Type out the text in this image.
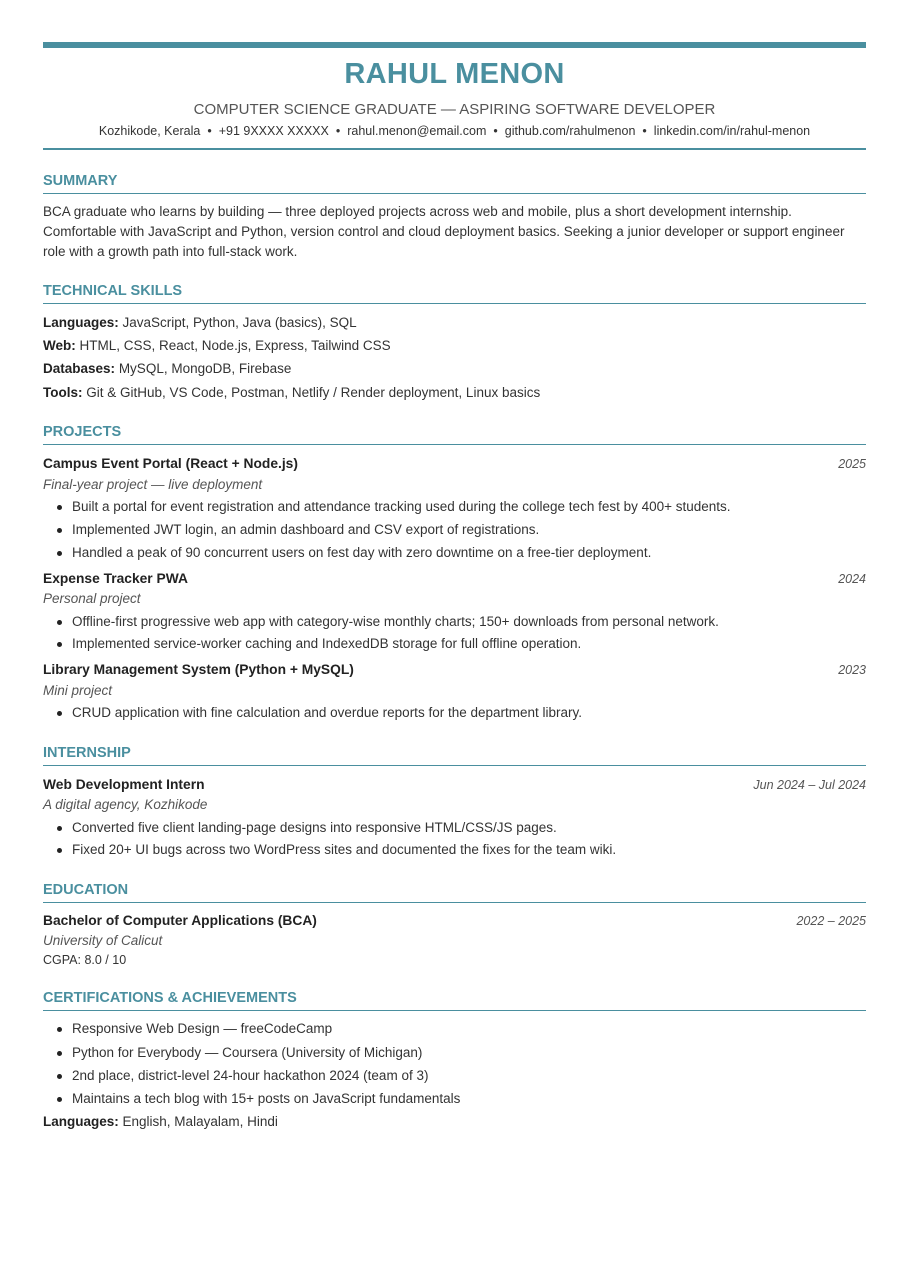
RAHUL MENON
COMPUTER SCIENCE GRADUATE — ASPIRING SOFTWARE DEVELOPER
Kozhikode, Kerala • +91 9XXXX XXXXX • rahul.menon@email.com • github.com/rahulmenon • linkedin.com/in/rahul-menon
SUMMARY
BCA graduate who learns by building — three deployed projects across web and mobile, plus a short development internship. Comfortable with JavaScript and Python, version control and cloud deployment basics. Seeking a junior developer or support engineer role with a growth path into full-stack work.
TECHNICAL SKILLS
Languages: JavaScript, Python, Java (basics), SQL
Web: HTML, CSS, React, Node.js, Express, Tailwind CSS
Databases: MySQL, MongoDB, Firebase
Tools: Git & GitHub, VS Code, Postman, Netlify / Render deployment, Linux basics
PROJECTS
Campus Event Portal (React + Node.js)	2025
Final-year project — live deployment
Built a portal for event registration and attendance tracking used during the college tech fest by 400+ students.
Implemented JWT login, an admin dashboard and CSV export of registrations.
Handled a peak of 90 concurrent users on fest day with zero downtime on a free-tier deployment.
Expense Tracker PWA	2024
Personal project
Offline-first progressive web app with category-wise monthly charts; 150+ downloads from personal network.
Implemented service-worker caching and IndexedDB storage for full offline operation.
Library Management System (Python + MySQL)	2023
Mini project
CRUD application with fine calculation and overdue reports for the department library.
INTERNSHIP
Web Development Intern	Jun 2024 – Jul 2024
A digital agency, Kozhikode
Converted five client landing-page designs into responsive HTML/CSS/JS pages.
Fixed 20+ UI bugs across two WordPress sites and documented the fixes for the team wiki.
EDUCATION
Bachelor of Computer Applications (BCA)	2022 – 2025
University of Calicut
CGPA: 8.0 / 10
CERTIFICATIONS & ACHIEVEMENTS
Responsive Web Design — freeCodeCamp
Python for Everybody — Coursera (University of Michigan)
2nd place, district-level 24-hour hackathon 2024 (team of 3)
Maintains a tech blog with 15+ posts on JavaScript fundamentals
Languages: English, Malayalam, Hindi
